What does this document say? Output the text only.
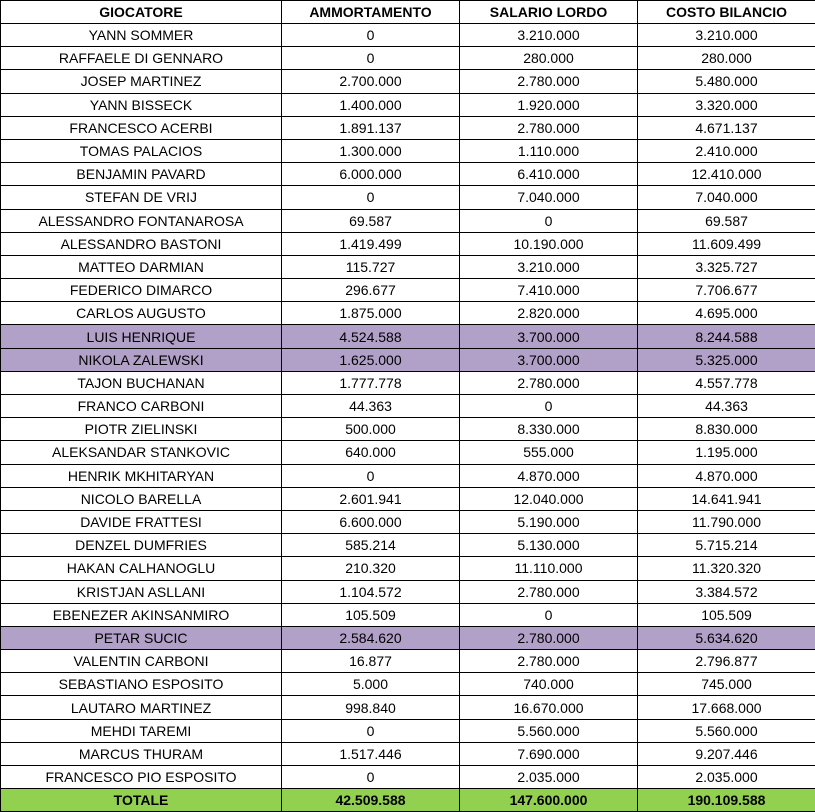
GIOCATORE	AMMORTAMENTO	SALARIO LORDO	COSTO BILANCIO
YANN SOMMER	0	3.210.000	3.210.000
RAFFAELE DI GENNARO	0	280.000	280.000
JOSEP MARTINEZ	2.700.000	2.780.000	5.480.000
YANN BISSECK	1.400.000	1.920.000	3.320.000
FRANCESCO ACERBI	1.891.137	2.780.000	4.671.137
TOMAS PALACIOS	1.300.000	1.110.000	2.410.000
BENJAMIN PAVARD	6.000.000	6.410.000	12.410.000
STEFAN DE VRIJ	0	7.040.000	7.040.000
ALESSANDRO FONTANAROSA	69.587	0	69.587
ALESSANDRO BASTONI	1.419.499	10.190.000	11.609.499
MATTEO DARMIAN	115.727	3.210.000	3.325.727
FEDERICO DIMARCO	296.677	7.410.000	7.706.677
CARLOS AUGUSTO	1.875.000	2.820.000	4.695.000
LUIS HENRIQUE	4.524.588	3.700.000	8.244.588
NIKOLA ZALEWSKI	1.625.000	3.700.000	5.325.000
TAJON BUCHANAN	1.777.778	2.780.000	4.557.778
FRANCO CARBONI	44.363	0	44.363
PIOTR ZIELINSKI	500.000	8.330.000	8.830.000
ALEKSANDAR STANKOVIC	640.000	555.000	1.195.000
HENRIK MKHITARYAN	0	4.870.000	4.870.000
NICOLO BARELLA	2.601.941	12.040.000	14.641.941
DAVIDE FRATTESI	6.600.000	5.190.000	11.790.000
DENZEL DUMFRIES	585.214	5.130.000	5.715.214
HAKAN CALHANOGLU	210.320	11.110.000	11.320.320
KRISTJAN ASLLANI	1.104.572	2.780.000	3.384.572
EBENEZER AKINSANMIRO	105.509	0	105.509
PETAR SUCIC	2.584.620	2.780.000	5.634.620
VALENTIN CARBONI	16.877	2.780.000	2.796.877
SEBASTIANO ESPOSITO	5.000	740.000	745.000
LAUTARO MARTINEZ	998.840	16.670.000	17.668.000
MEHDI TAREMI	0	5.560.000	5.560.000
MARCUS THURAM	1.517.446	7.690.000	9.207.446
FRANCESCO PIO ESPOSITO	0	2.035.000	2.035.000
TOTALE	42.509.588	147.600.000	190.109.588
